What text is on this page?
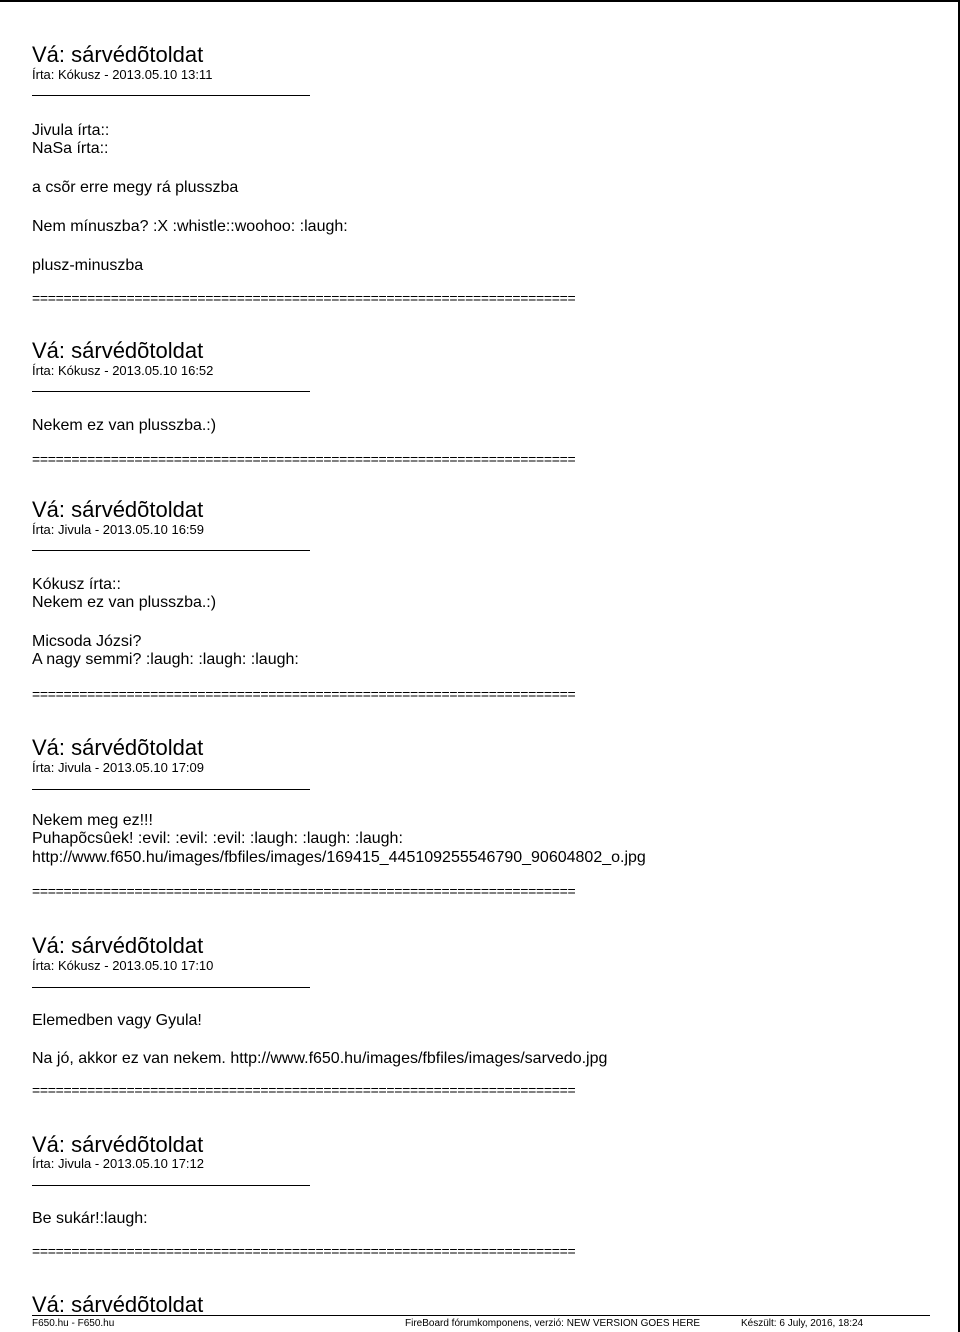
Vá: sárvédõtoldat
Írta: Kókusz - 2013.05.10 13:11
Jivula írta::
NaSa írta::
a csõr erre megy rá plusszba
Nem mínuszba? :X :whistle::woohoo: :laugh:
plusz-minuszba
=====================================================================
Vá: sárvédõtoldat
Írta: Kókusz - 2013.05.10 16:52
Nekem ez van plusszba.:)
=====================================================================
Vá: sárvédõtoldat
Írta: Jivula - 2013.05.10 16:59
Kókusz írta::
Nekem ez van plusszba.:)
Micsoda Józsi?
A nagy semmi? :laugh: :laugh: :laugh:
=====================================================================
Vá: sárvédõtoldat
Írta: Jivula - 2013.05.10 17:09
Nekem meg ez!!!
Puhapõcsûek! :evil: :evil: :evil: :laugh: :laugh: :laugh:
http://www.f650.hu/images/fbfiles/images/169415_445109255546790_90604802_o.jpg
=====================================================================
Vá: sárvédõtoldat
Írta: Kókusz - 2013.05.10 17:10
Elemedben vagy Gyula!
Na jó, akkor ez van nekem. http://www.f650.hu/images/fbfiles/images/sarvedo.jpg
=====================================================================
Vá: sárvédõtoldat
Írta: Jivula - 2013.05.10 17:12
Be sukár!:laugh:
=====================================================================
Vá: sárvédõtoldat
F650.hu - F650.hu	FireBoard fórumkomponens, verzió: NEW VERSION GOES HERE	Készült: 6 July, 2016, 18:24
